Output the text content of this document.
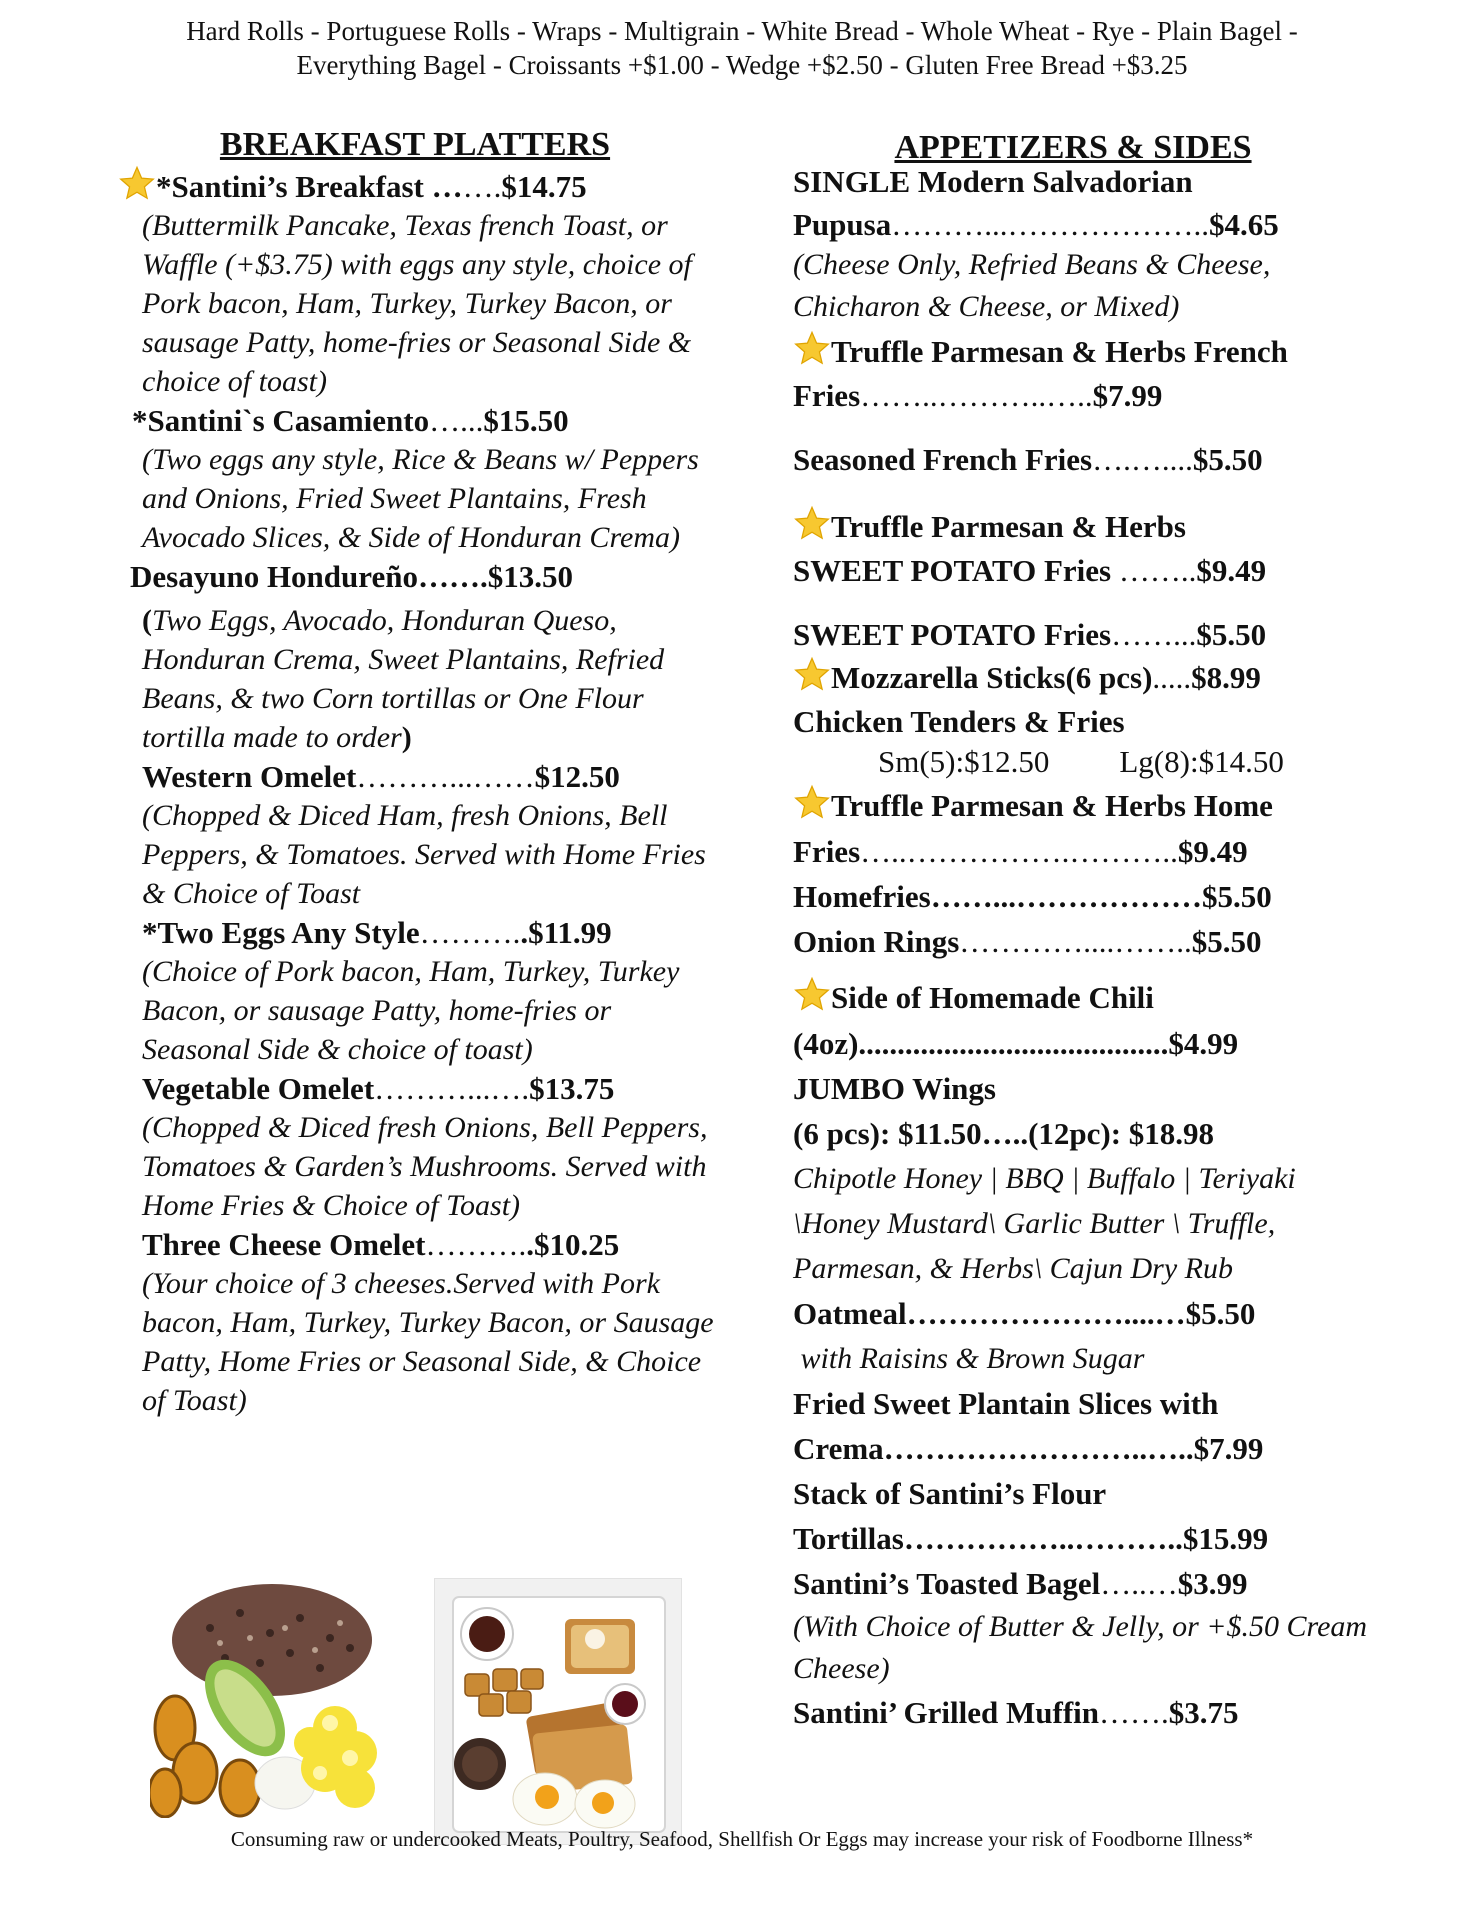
Hard Rolls - Portuguese Rolls - Wraps - Multigrain - White Bread - Whole Wheat - Rye - Plain Bagel -
Everything Bagel - Croissants +$1.00 - Wedge +$2.50 - Gluten Free Bread +$3.25
BREAKFAST PLATTERS
*Santini’s Breakfast …….$14.75
(Buttermilk Pancake, Texas french Toast, or Waffle (+$3.75) with eggs any style, choice of Pork bacon, Ham, Turkey, Turkey Bacon, or sausage Patty, home-fries or Seasonal Side & choice of toast)
*Santini`s Casamiento…...$15.50
(Two eggs any style, Rice & Beans w/ Peppers and Onions, Fried Sweet Plantains, Fresh Avocado Slices, & Side of Honduran Crema)
Desayuno Hondureño…….$13.50
(Two Eggs, Avocado, Honduran Queso, Honduran Crema, Sweet Plantains, Refried Beans, & two Corn tortillas or One Flour tortilla made to order)
Western Omelet………...……$12.50
(Chopped & Diced Ham, fresh Onions, Bell Peppers, & Tomatoes. Served with Home Fries & Choice of Toast
*Two Eggs Any Style………..$11.99
(Choice of Pork bacon, Ham, Turkey, Turkey Bacon, or sausage Patty, home-fries or Seasonal Side & choice of toast)
Vegetable Omelet………...….$13.75
(Chopped & Diced fresh Onions, Bell Peppers, Tomatoes & Garden’s Mushrooms. Served with Home Fries & Choice of Toast)
Three Cheese Omelet………..$10.25
(Your choice of 3 cheeses.Served with Pork bacon, Ham, Turkey, Turkey Bacon, or Sausage Patty, Home Fries or Seasonal Side, & Choice of Toast)
APPETIZERS & SIDES
SINGLE Modern Salvadorian
Pupusa………...………………..$4.65
(Cheese Only, Refried Beans & Cheese, Chicharon & Cheese, or Mixed)
Truffle Parmesan & Herbs French
Fries……..………..…..$7.99
Seasoned French Fries….…....$5.50
Truffle Parmesan & Herbs
SWEET POTATO Fries ……..$9.49
SWEET POTATO Fries……...$5.50
Mozzarella Sticks(6 pcs).....$8.99
Chicken Tenders & Fries
Sm(5):$12.50 Lg(8):$14.50
Truffle Parmesan & Herbs Home
Fries…..…………….………..$9.49
Homefries……...………………$5.50
Onion Rings…………....……..$5.50
Side of Homemade Chili
(4oz)........................................$4.99
JUMBO Wings
(6 pcs): $11.50…..(12pc): $18.98
Chipotle Honey | BBQ | Buffalo | Teriyaki \Honey Mustard\ Garlic Butter \ Truffle, Parmesan, & Herbs\ Cajun Dry Rub
Oatmeal…………………....…$5.50
with Raisins & Brown Sugar
Fried Sweet Plantain Slices with
Crema……………………..…..$7.99
Stack of Santini’s Flour
Tortillas……………..………..$15.99
Santini’s Toasted Bagel…..…$3.99
(With Choice of Butter & Jelly, or +$.50 Cream Cheese)
Santini’ Grilled Muffin…….$3.75
Consuming raw or undercooked Meats, Poultry, Seafood, Shellfish Or Eggs may increase your risk of Foodborne Illness*
